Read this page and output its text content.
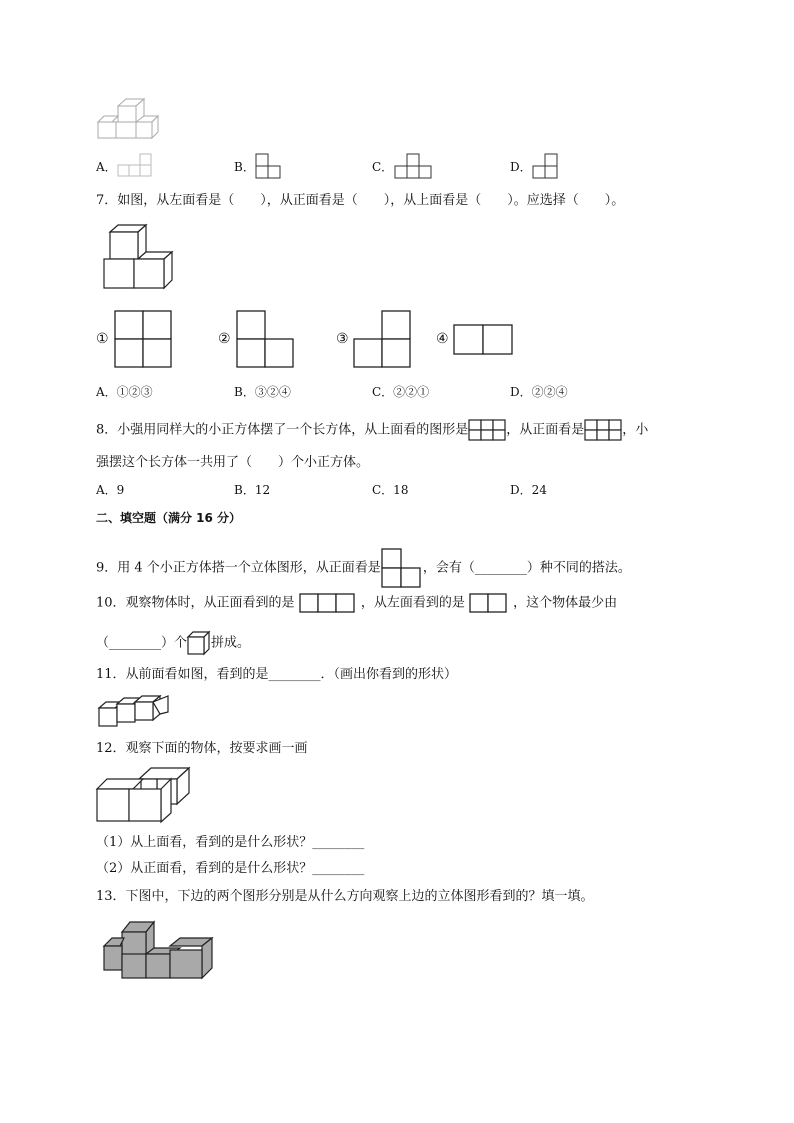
A．	B．	C．	D．
7．如图，从左面看是（　　），从正面看是（　　），从上面看是（　　）。应选择（　　）。
①	②	③	④
A．①②③	B．③②④	C．②②①	D．②②④
8．小强用同样大的小正方体摆了一个长方体，从上面看的图形是	，从正面看是	，小
强摆这个长方体一共用了（　　）个小正方体。
A．9	B．12	C．18	D．24
二、填空题（满分 16 分）
9．用 4 个小正方体搭一个立体图形，从正面看是	，会有（________）种不同的搭法。
10．观察物体时，从正面看到的是	，从左面看到的是	，这个物体最少由
（________）个 拼成。
11．从前面看如图，看到的是________．（画出你看到的形状）
12．观察下面的物体，按要求画一画
（1）从上面看，看到的是什么形状？________
（2）从正面看，看到的是什么形状？________
13．下图中，下边的两个图形分别是从什么方向观察上边的立体图形看到的？填一填。
